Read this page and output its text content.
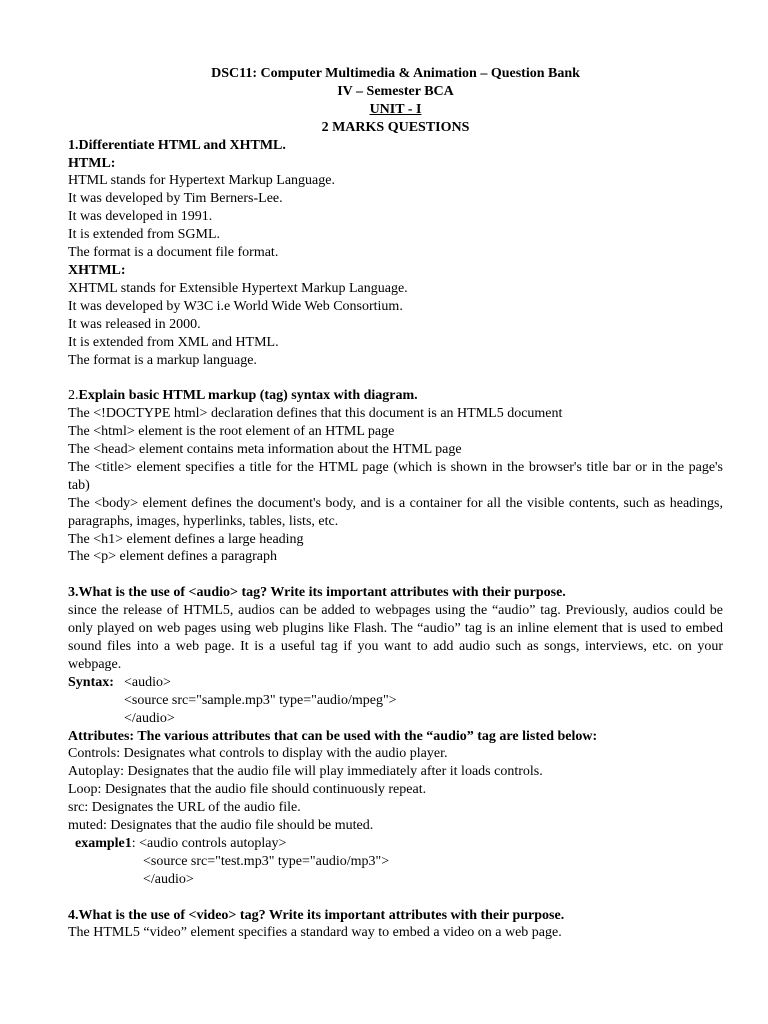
DSC11: Computer Multimedia & Animation – Question Bank

IV – Semester BCA

UNIT - I

2 MARKS QUESTIONS

1.Differentiate HTML and XHTML.

HTML:

HTML stands for Hypertext Markup Language.

It was developed by Tim Berners-Lee.

It was developed in 1991.

It is extended from SGML.

The format is a document file format.

XHTML:

XHTML stands for Extensible Hypertext Markup Language.

It was developed by W3C i.e World Wide Web Consortium.

It was released in 2000.

It is extended from XML and HTML.

The format is a markup language.

2.Explain basic HTML markup (tag) syntax with diagram.

The <!DOCTYPE html> declaration defines that this document is an HTML5 document

The <html> element is the root element of an HTML page

The <head> element contains meta information about the HTML page

The <title> element specifies a title for the HTML page (which is shown in the browser's title bar or in the page's tab)

The <body> element defines the document's body, and is a container for all the visible contents, such as headings, paragraphs, images, hyperlinks, tables, lists, etc.

The <h1> element defines a large heading

The <p> element defines a paragraph

3.What is the use of <audio> tag? Write its important attributes with their purpose.

since the release of HTML5, audios can be added to webpages using the “audio” tag. Previously, audios could be only played on web pages using web plugins like Flash. The “audio” tag is an inline element that is used to embed sound files into a web page. It is a useful tag if you want to add audio such as songs, interviews, etc. on your webpage.

Syntax: <audio>

<source src="sample.mp3" type="audio/mpeg">

</audio>

Attributes: The various attributes that can be used with the “audio” tag are listed below:

Controls: Designates what controls to display with the audio player.

Autoplay: Designates that the audio file will play immediately after it loads controls.

Loop: Designates that the audio file should continuously repeat.

src: Designates the URL of the audio file.

muted: Designates that the audio file should be muted.

example1: <audio controls autoplay>

<source src="test.mp3" type="audio/mp3">

</audio>

4.What is the use of <video> tag? Write its important attributes with their purpose.

The HTML5 “video” element specifies a standard way to embed a video on a web page.
